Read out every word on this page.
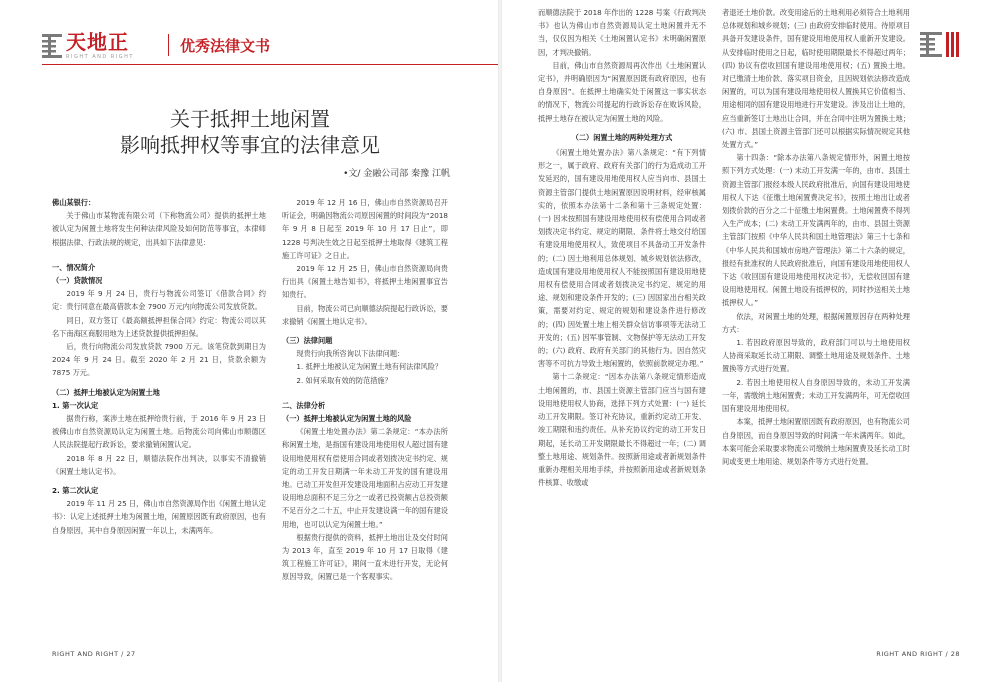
天地正
RIGHT AND RIGHT
优秀法律文书
关于抵押土地闲置
影响抵押权等事宜的法律意见
•文/ 金融公司部 秦豫 江帆

佛山某银行：

关于佛山市某物流有限公司（下称物流公司）提供的抵押土地被认定为闲置土地将发生何种法律风险及如何防范等事宜，本律师根据法律、行政法规的规定，出具如下法律意见：

一、情况简介

（一）贷款情况

2019 年 9 月 24 日，贵行与物流公司签订《借款合同》约定：贵行同意在最高借款本金 7900 万元内向物流公司发放贷款。

同日，双方签订《最高额抵押担保合同》约定：物流公司以其名下南海区商服用地为上述贷款提供抵押担保。

后，贵行向物流公司发放贷款 7900 万元。该笔贷款到期日为 2024 年 9 月 24 日。截至 2020 年 2 月 21 日，贷款余额为 7875 万元。

（二）抵押土地被认定为闲置土地

1. 第一次认定

据贵行称，案涉土地在抵押给贵行前，于 2016 年 9 月 23 日被佛山市自然资源局认定为闲置土地。后物流公司向佛山市顺德区人民法院提起行政诉讼，要求撤销闲置认定。

2018 年 8 月 22 日，顺德法院作出判决，以事实不清撤销《闲置土地认定书》。

2. 第二次认定

2019 年 11 月 25 日，佛山市自然资源局作出《闲置土地认定书》：认定上述抵押土地为闲置土地，闲置原因既有政府原因，也有自身原因，其中自身原因闲置一年以上，未满两年。

2019 年 12 月 16 日，佛山市自然资源局召开听证会，明确因物流公司原因闲置的时间段为“2018 年 9 月 8 日起至 2019 年 10 月 17 日止”，即 1228 号判决生效之日起至抵押土地取得《建筑工程施工许可证》之日止。

2019 年 12 月 25 日，佛山市自然资源局向贵行出具《闲置土地告知书》，将抵押土地闲置事宜告知贵行。

目前，物流公司已向顺德法院提起行政诉讼，要求撤销《闲置土地认定书》。

（三）法律问题

现贵行向我所咨询以下法律问题：

1. 抵押土地被认定为闲置土地有何法律风险？

2. 如何采取有效的防范措施？

二、法律分析

（一）抵押土地被认定为闲置土地的风险

《闲置土地处置办法》第二条规定：“本办法所称闲置土地，是指国有建设用地使用权人超过国有建设用地使用权有偿使用合同或者划拨决定书约定、规定的动工开发日期满一年未动工开发的国有建设用地。已动工开发但开发建设用地面积占应动工开发建设用地总面积不足三分之一或者已投资额占总投资额不足百分之二十五，中止开发建设满一年的国有建设用地，也可以认定为闲置土地。”

根据贵行提供的资料，抵押土地出让及交付时间为 2013 年，直至 2019 年 10 月 17 日取得《建筑工程施工许可证》，期间一直未进行开发，无论何原因导致，闲置已是一个客观事实。

RIGHT AND RIGHT / 27

而顺德法院于 2018 年作出的 1228 号案《行政判决书》也认为佛山市自然资源局认定土地闲置并无不当，仅仅因为相关《土地闲置认定书》未明确闲置原因，才判决撤销。

目前，佛山市自然资源局再次作出《土地闲置认定书》，并明确原因为“闲置原因既有政府原因，也有自身原因”。在抵押土地确实处于闲置这一事实状态的情况下，物流公司提起的行政诉讼存在败诉风险，抵押土地存在被认定为闲置土地的风险。

（二）闲置土地的两种处理方式

《闲置土地处置办法》第八条规定：“有下列情形之一，属于政府、政府有关部门的行为造成动工开发延迟的，国有建设用地使用权人应当向市、县国土资源主管部门提供土地闲置原因说明材料，经审核属实的，依照本办法第十二条和第十三条规定处置：(一) 因未按照国有建设用地使用权有偿使用合同或者划拨决定书约定、规定的期限、条件将土地交付给国有建设用地使用权人，致使项目不具备动工开发条件的；(二) 因土地利用总体规划、城乡规划依法修改，造成国有建设用地使用权人不能按照国有建设用地使用权有偿使用合同或者划拨决定书约定、规定的用途、规划和建设条件开发的；(三) 因国家出台相关政策，需要对约定、规定的规划和建设条件进行修改的；(四) 因处置土地上相关群众信访事项等无法动工开发的；(五) 因军事管制、文物保护等无法动工开发的；(六) 政府、政府有关部门的其他行为。因自然灾害等不可抗力导致土地闲置的，依照前款规定办理。”

第十二条规定：“因本办法第八条规定情形造成土地闲置的，市、县国土资源主管部门应当与国有建设用地使用权人协商，选择下列方式处置：(一) 延长动工开发期限。签订补充协议，重新约定动工开发、竣工期限和违约责任。从补充协议约定的动工开发日期起，延长动工开发期限最长不得超过一年；(二) 调整土地用途、规划条件。按照新用途或者新规划条件重新办理相关用地手续，并按照新用途或者新规划条件核算、收缴或

者退还土地价款。改变用途后的土地利用必须符合土地利用总体规划和城乡规划；(三) 由政府安排临时使用。待原项目具备开发建设条件，国有建设用地使用权人重新开发建设。从安排临时使用之日起，临时使用期限最长不得超过两年；(四) 协议有偿收回国有建设用地使用权；(五) 置换土地。对已缴清土地价款、落实项目资金，且因规划依法修改造成闲置的，可以为国有建设用地使用权人置换其它价值相当、用途相同的国有建设用地进行开发建设。涉及出让土地的，应当重新签订土地出让合同，并在合同中注明为置换土地；(六) 市、县国土资源主管部门还可以根据实际情况规定其他处置方式。”

第十四条：“除本办法第八条规定情形外，闲置土地按照下列方式处理：(一) 未动工开发满一年的，由市、县国土资源主管部门报经本级人民政府批准后，向国有建设用地使用权人下达《征缴土地闲置费决定书》，按照土地出让或者划拨价款的百分之二十征缴土地闲置费。土地闲置费不得列入生产成本；(二) 未动工开发满两年的，由市、县国土资源主管部门按照《中华人民共和国土地管理法》第三十七条和《中华人民共和国城市房地产管理法》第二十六条的规定，报经有批准权的人民政府批准后，向国有建设用地使用权人下达《收回国有建设用地使用权决定书》，无偿收回国有建设用地使用权。闲置土地设有抵押权的，同时抄送相关土地抵押权人。”

依法，对闲置土地的处理，根据闲置原因存在两种处理方式：

1. 若因政府原因导致的，政府部门可以与土地使用权人协商采取延长动工期限、调整土地用途及规划条件、土地置换等方式进行处置。

2. 若因土地使用权人自身原因导致的，未动工开发满一年，需缴纳土地闲置费；未动工开发满两年，可无偿收回国有建设用地使用权。

本案，抵押土地闲置原因既有政府原因，也有物流公司自身原因，而自身原因导致的时间满一年未满两年。如此，本案可能会采取要求物流公司缴纳土地闲置费及延长动工时间或变更土地用途、规划条件等方式进行处置。

RIGHT AND RIGHT / 28
